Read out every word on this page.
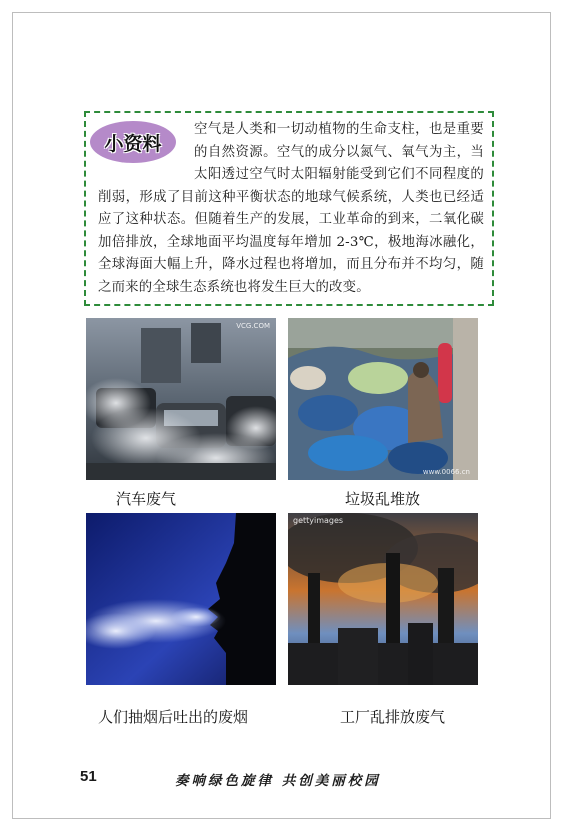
小资料

空气是人类和一切动植物的生命支柱，也是重要的自然资源。空气的成分以氮气、氧气为主，当太阳透过空气时太阳辐射能受到它们不同程度的削弱，形成了目前这种平衡状态的地球气候系统，人类也已经适应了这种状态。但随着生产的发展，工业革命的到来，二氧化碳加倍排放，全球地面平均温度每年增加 2-3℃，极地海冰融化，全球海面大幅上升，降水过程也将增加，而且分布并不均匀，随之而来的全球生态系统也将发生巨大的改变。

VCG.COM
汽车废气
www.0066.cn
垃圾乱堆放
人们抽烟后吐出的废烟
gettyimages
工厂乱排放废气
51	奏响绿色旋律 共创美丽校园
